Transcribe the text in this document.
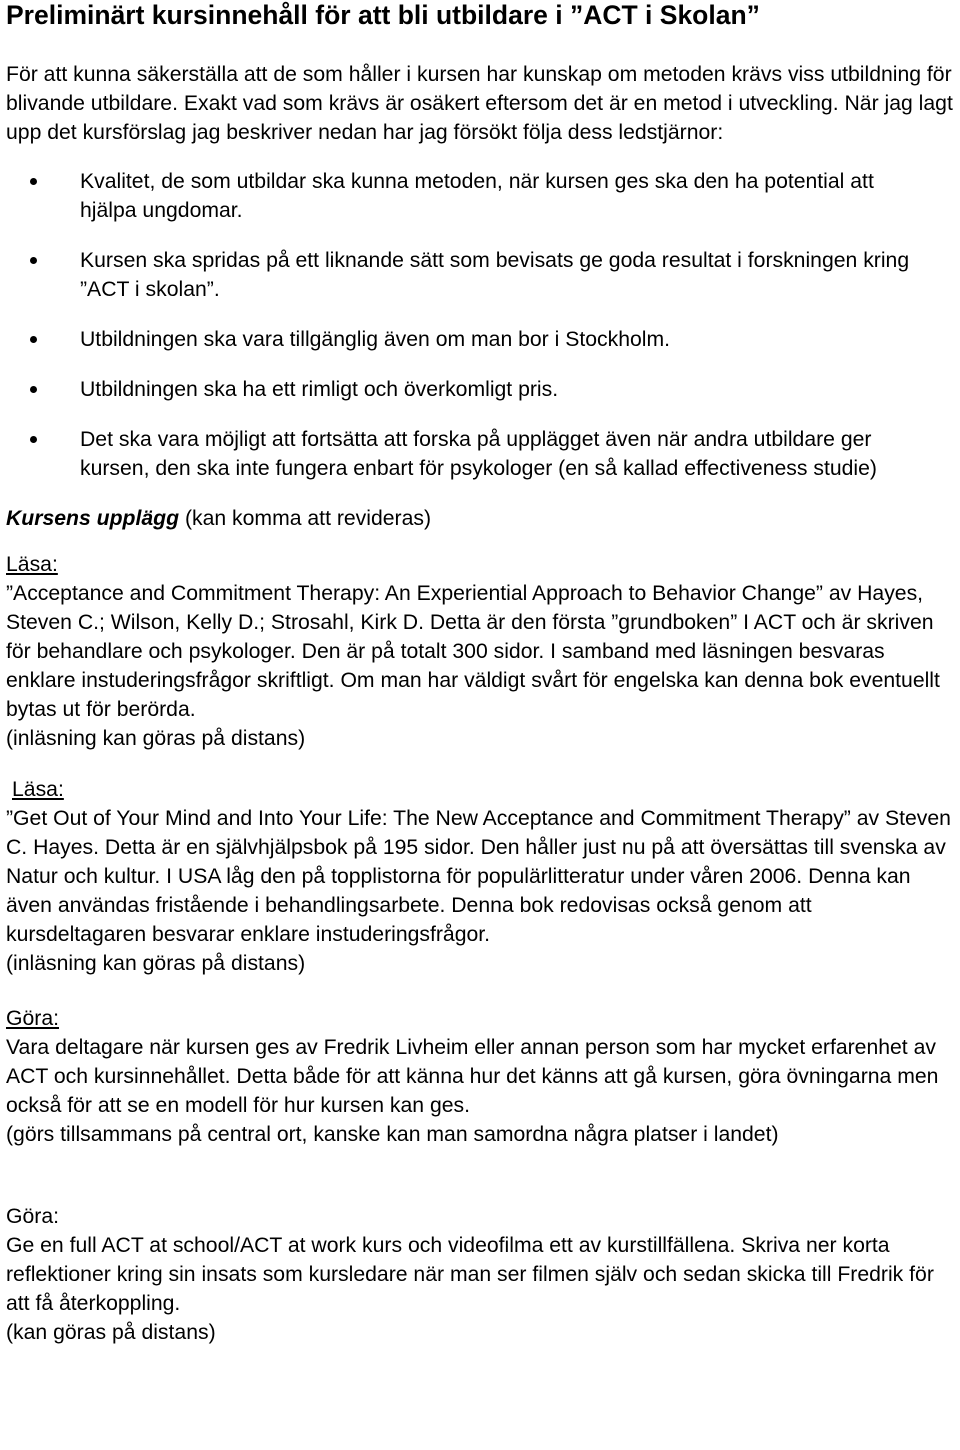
Preliminärt kursinnehåll för att bli utbildare i ”ACT i Skolan”

För att kunna säkerställa att de som håller i kursen har kunskap om metoden krävs viss utbildning för blivande utbildare. Exakt vad som krävs är osäkert eftersom det är en metod i utveckling. När jag lagt upp det kursförslag jag beskriver nedan har jag försökt följa dess ledstjärnor:

Kvalitet, de som utbildar ska kunna metoden, när kursen ges ska den ha potential att hjälpa ungdomar.
Kursen ska spridas på ett liknande sätt som bevisats ge goda resultat i forskningen kring ”ACT i skolan”.
Utbildningen ska vara tillgänglig även om man bor i Stockholm.
Utbildningen ska ha ett rimligt och överkomligt pris.
Det ska vara möjligt att fortsätta att forska på upplägget även när andra utbildare ger kursen, den ska inte fungera enbart för psykologer (en så kallad effectiveness studie)

Kursens upplägg (kan komma att revideras)

Läsa:

”Acceptance and Commitment Therapy: An Experiential Approach to Behavior Change” av Hayes, Steven C.; Wilson, Kelly D.; Strosahl, Kirk D. Detta är den första ”grundboken” I ACT och är skriven för behandlare och psykologer. Den är på totalt 300 sidor. I samband med läsningen besvaras enklare instuderingsfrågor skriftligt. Om man har väldigt svårt för engelska kan denna bok eventuellt bytas ut för berörda.

(inläsning kan göras på distans)

Läsa:

”Get Out of Your Mind and Into Your Life: The New Acceptance and Commitment Therapy” av Steven C. Hayes. Detta är en självhjälpsbok på 195 sidor. Den håller just nu på att översättas till svenska av Natur och kultur. I USA låg den på topplistorna för populärlitteratur under våren 2006. Denna kan även användas fristående i behandlingsarbete. Denna bok redovisas också genom att kursdeltagaren besvarar enklare instuderingsfrågor.

(inläsning kan göras på distans)

Göra:

Vara deltagare när kursen ges av Fredrik Livheim eller annan person som har mycket erfarenhet av ACT och kursinnehållet. Detta både för att känna hur det känns att gå kursen, göra övningarna men också för att se en modell för hur kursen kan ges.

(görs tillsammans på central ort, kanske kan man samordna några platser i landet)

Göra:

Ge en full ACT at school/ACT at work kurs och videofilma ett av kurstillfällena. Skriva ner korta reflektioner kring sin insats som kursledare när man ser filmen själv och sedan skicka till Fredrik för att få återkoppling.

(kan göras på distans)
